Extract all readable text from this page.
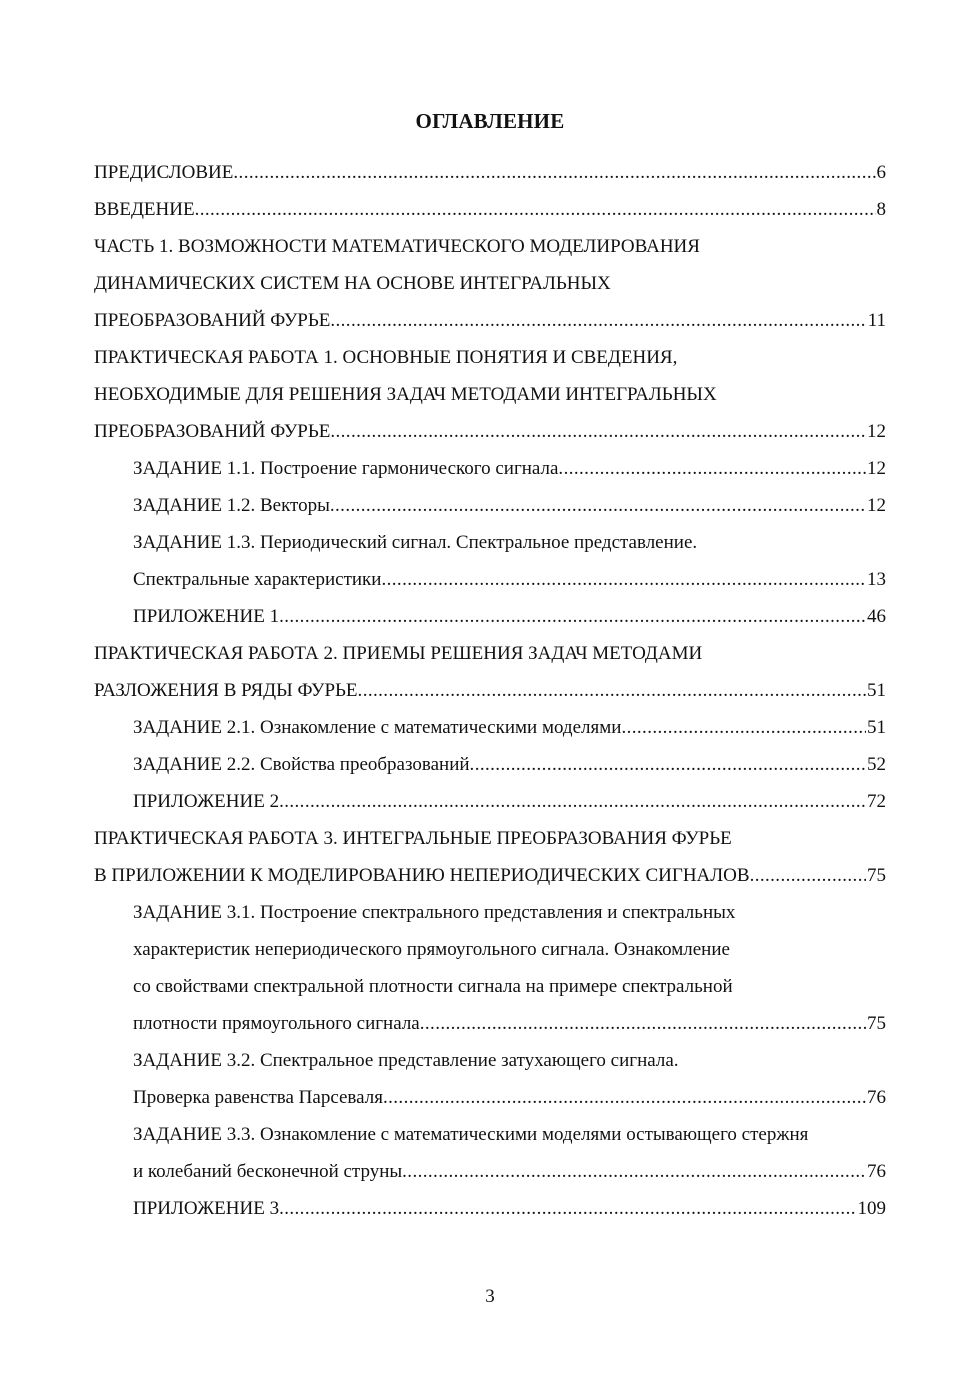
ОГЛАВЛЕНИЕ
ПРЕДИСЛОВИЕ .....	6
ВВЕДЕНИЕ .....	8
ЧАСТЬ 1. ВОЗМОЖНОСТИ МАТЕМАТИЧЕСКОГО МОДЕЛИРОВАНИЯ
ДИНАМИЧЕСКИХ СИСТЕМ НА ОСНОВЕ ИНТЕГРАЛЬНЫХ
ПРЕОБРАЗОВАНИЙ ФУРЬЕ .....	11
ПРАКТИЧЕСКАЯ РАБОТА 1. ОСНОВНЫЕ ПОНЯТИЯ И СВЕДЕНИЯ,
НЕОБХОДИМЫЕ ДЛЯ РЕШЕНИЯ ЗАДАЧ МЕТОДАМИ ИНТЕГРАЛЬНЫХ
ПРЕОБРАЗОВАНИЙ ФУРЬЕ .....	12
ЗАДАНИЕ 1.1. Построение гармонического сигнала .....	12
ЗАДАНИЕ 1.2. Векторы .....	12
ЗАДАНИЕ 1.3. Периодический сигнал. Спектральное представление.
Спектральные характеристики .....	13
ПРИЛОЖЕНИЕ 1 .....	46
ПРАКТИЧЕСКАЯ РАБОТА 2. ПРИЕМЫ РЕШЕНИЯ ЗАДАЧ МЕТОДАМИ
РАЗЛОЖЕНИЯ В РЯДЫ ФУРЬЕ .....	51
ЗАДАНИЕ 2.1. Ознакомление с математическими моделями .....	51
ЗАДАНИЕ 2.2. Свойства преобразований .....	52
ПРИЛОЖЕНИЕ 2 .....	72
ПРАКТИЧЕСКАЯ РАБОТА 3. ИНТЕГРАЛЬНЫЕ ПРЕОБРАЗОВАНИЯ ФУРЬЕ
В ПРИЛОЖЕНИИ К МОДЕЛИРОВАНИЮ НЕПЕРИОДИЧЕСКИХ СИГНАЛОВ .....	75
ЗАДАНИЕ 3.1. Построение спектрального представления и спектральных
характеристик непериодического прямоугольного сигнала. Ознакомление
со свойствами спектральной плотности сигнала на примере спектральной
плотности прямоугольного сигнала .....	75
ЗАДАНИЕ 3.2. Спектральное представление затухающего сигнала.
Проверка равенства Парсеваля .....	76
ЗАДАНИЕ 3.3. Ознакомление с математическими моделями остывающего стержня
и колебаний бесконечной струны .....	76
ПРИЛОЖЕНИЕ 3 .....	109
3
